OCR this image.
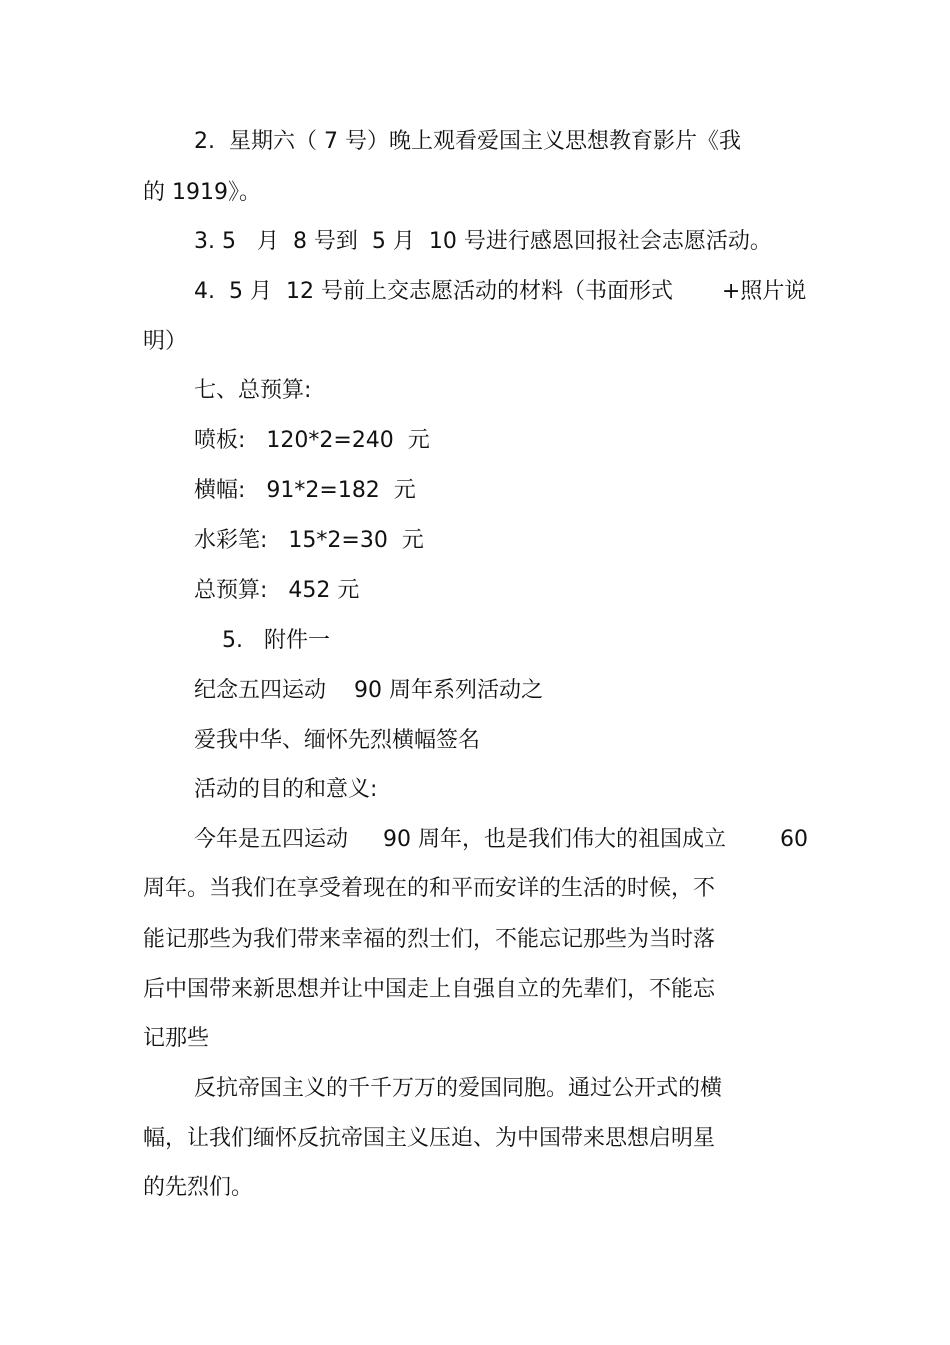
2.  星期六（ 7 号）晚上观看爱国主义思想教育影片《我
的 1919》。
3. 5   月  8 号到  5 月  10 号进行感恩回报社会志愿活动。
4.  5 月  12 号前上交志愿活动的材料（书面形式       +照片说
明）
七、总预算:
喷板:   120*2=240  元
横幅:   91*2=182  元
水彩笔:   15*2=30  元
总预算:   452 元
5.   附件一
纪念五四运动    90 周年系列活动之
爱我中华、缅怀先烈横幅签名
活动的目的和意义:
今年是五四运动     90 周年，也是我们伟大的祖国成立 60
周年。当我们在享受着现在的和平而安详的生活的时候，不
能记那些为我们带来幸福的烈士们，不能忘记那些为当时落
后中国带来新思想并让中国走上自强自立的先辈们，不能忘
记那些
反抗帝国主义的千千万万的爱国同胞。通过公开式的横
幅，让我们缅怀反抗帝国主义压迫、为中国带来思想启明星
的先烈们。
